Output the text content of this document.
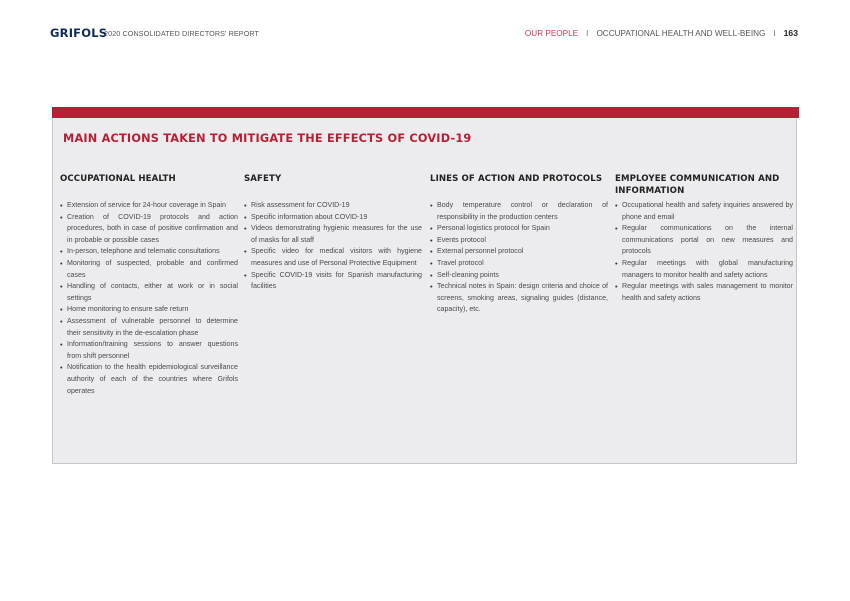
GRIFOLS
2020 CONSOLIDATED DIRECTORS' REPORT	OUR PEOPLE I OCCUPATIONAL HEALTH AND WELL-BEING I 163
MAIN ACTIONS TAKEN TO MITIGATE THE EFFECTS OF COVID-19
OCCUPATIONAL HEALTH
• Extension of service for 24-hour coverage in Spain
• Creation of COVID-19 protocols and action procedures, both in case of positive confirmation and in probable or possible cases
• In-person, telephone and telematic consultations
• Monitoring of suspected, probable and confirmed cases
• Handling of contacts, either at work or in social settings
• Home monitoring to ensure safe return
• Assessment of vulnerable personnel to determine their sensitivity in the de-escalation phase
• Information/training sessions to answer questions from shift personnel
• Notification to the health epidemiological surveillance authority of each of the countries where Grifols operates
SAFETY
• Risk assessment for COVID-19
• Specific information about COVID-19
• Videos demonstrating hygienic measures for the use of masks for all staff
• Specific video for medical visitors with hygiene measures and use of Personal Protective Equipment
• Specific COVID-19 visits for Spanish manufacturing facilities
LINES OF ACTION AND PROTOCOLS
• Body temperature control or declaration of responsibility in the production centers
• Personal logistics protocol for Spain
• Events protocol
• External personnel protocol
• Travel protocol
• Self-cleaning points
• Technical notes in Spain: design criteria and choice of screens, smoking areas, signaling guides (distance, capacity), etc.
EMPLOYEE COMMUNICATION AND INFORMATION
• Occupational health and safety inquiries answered by phone and email
• Regular communications on the internal communications portal on new measures and protocols
• Regular meetings with global manufacturing managers to monitor health and safety actions
• Regular meetings with sales management to monitor health and safety actions
